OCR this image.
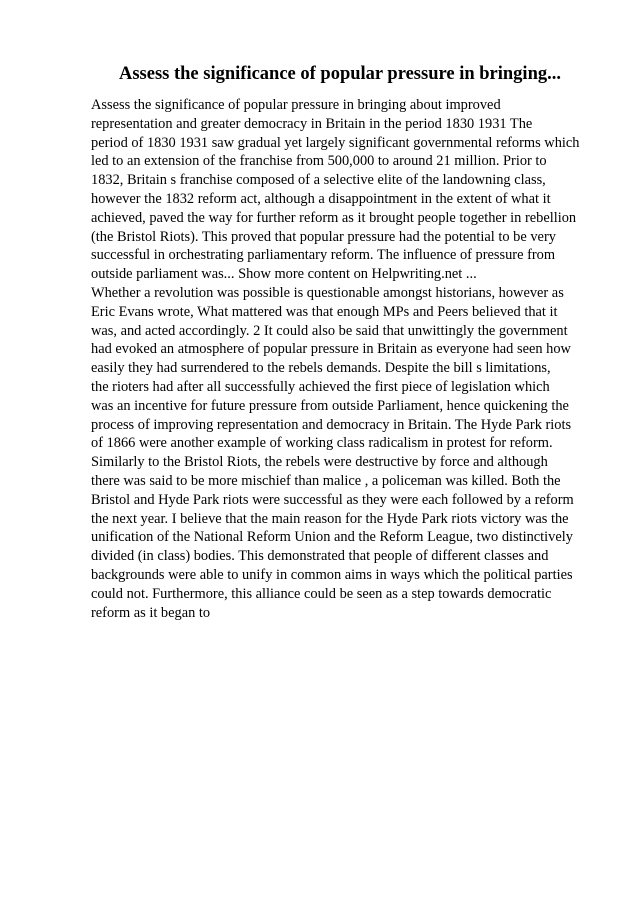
Assess the significance of popular pressure in bringing...
Assess the significance of popular pressure in bringing about improved
representation and greater democracy in Britain in the period 1830 1931 The
period of 1830 1931 saw gradual yet largely significant governmental reforms which
led to an extension of the franchise from 500,000 to around 21 million. Prior to
1832, Britain s franchise composed of a selective elite of the landowning class,
however the 1832 reform act, although a disappointment in the extent of what it
achieved, paved the way for further reform as it brought people together in rebellion
(the Bristol Riots). This proved that popular pressure had the potential to be very
successful in orchestrating parliamentary reform. The influence of pressure from
outside parliament was... Show more content on Helpwriting.net ...
Whether a revolution was possible is questionable amongst historians, however as
Eric Evans wrote, What mattered was that enough MPs and Peers believed that it
was, and acted accordingly. 2 It could also be said that unwittingly the government
had evoked an atmosphere of popular pressure in Britain as everyone had seen how
easily they had surrendered to the rebels demands. Despite the bill s limitations,
the rioters had after all successfully achieved the first piece of legislation which
was an incentive for future pressure from outside Parliament, hence quickening the
process of improving representation and democracy in Britain. The Hyde Park riots
of 1866 were another example of working class radicalism in protest for reform.
Similarly to the Bristol Riots, the rebels were destructive by force and although
there was said to be more mischief than malice , a policeman was killed. Both the
Bristol and Hyde Park riots were successful as they were each followed by a reform
the next year. I believe that the main reason for the Hyde Park riots victory was the
unification of the National Reform Union and the Reform League, two distinctively
divided (in class) bodies. This demonstrated that people of different classes and
backgrounds were able to unify in common aims in ways which the political parties
could not. Furthermore, this alliance could be seen as a step towards democratic
reform as it began to
